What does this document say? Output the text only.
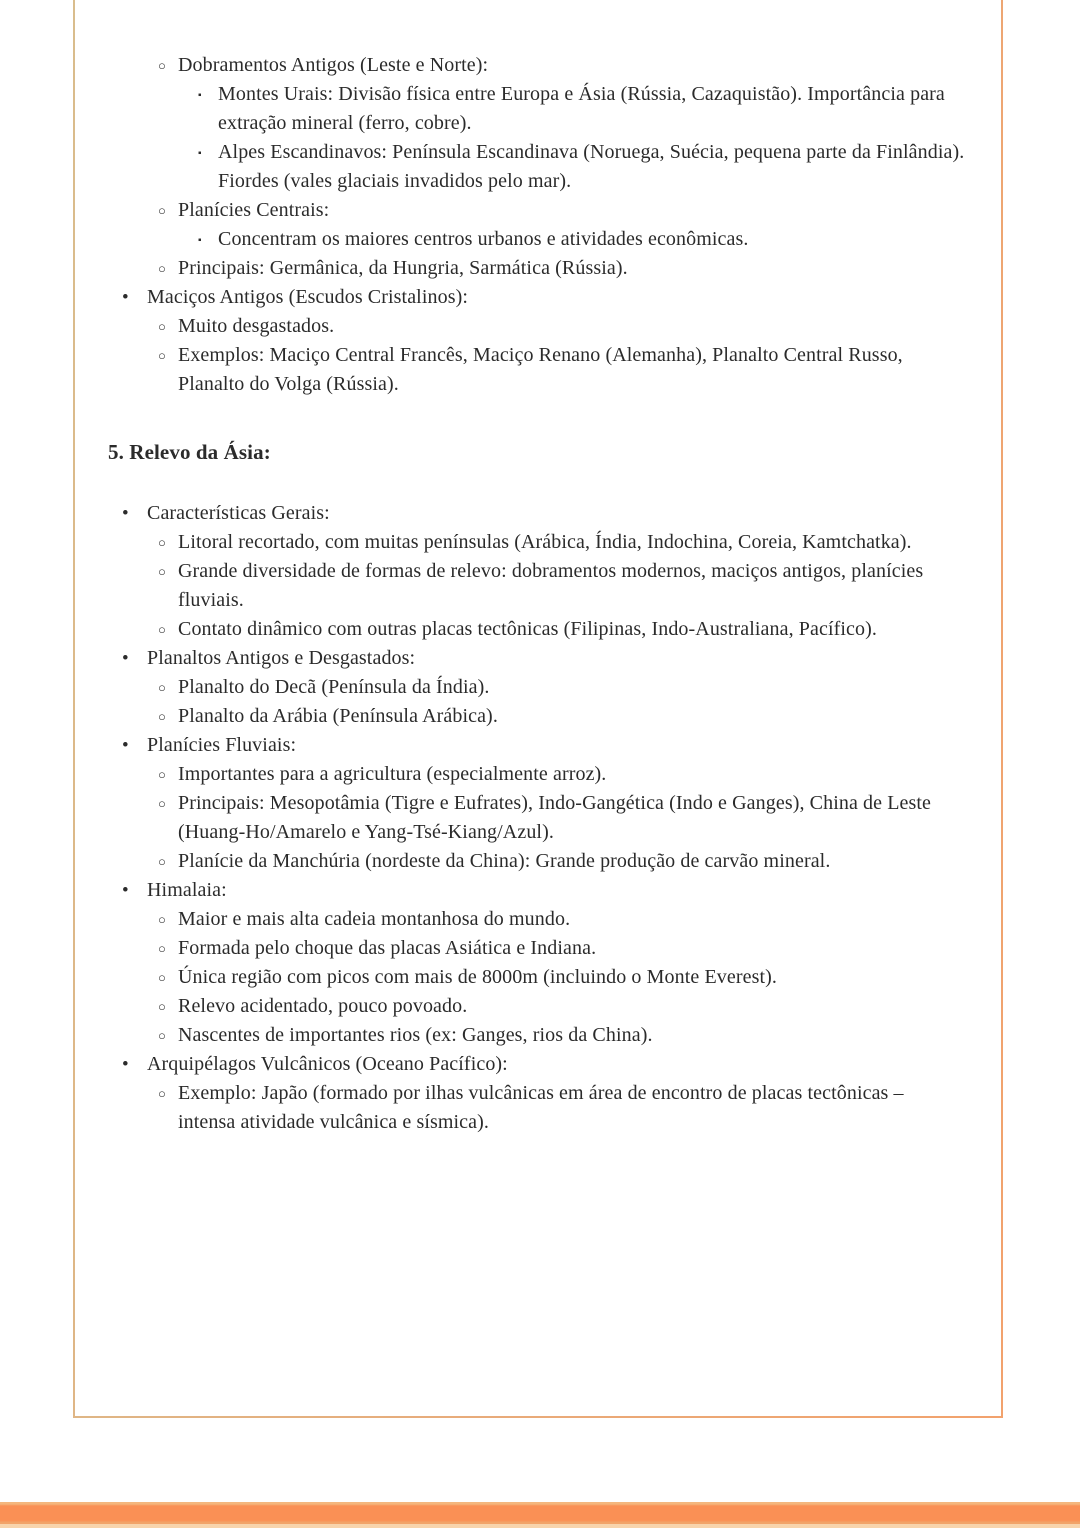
○ Dobramentos Antigos (Leste e Norte):
▪ Montes Urais: Divisão física entre Europa e Ásia (Rússia, Cazaquistão). Importância para extração mineral (ferro, cobre).
▪ Alpes Escandinavos: Península Escandinava (Noruega, Suécia, pequena parte da Finlândia). Fiordes (vales glaciais invadidos pelo mar).
○ Planícies Centrais:
▪ Concentram os maiores centros urbanos e atividades econômicas.
○ Principais: Germânica, da Hungria, Sarmática (Rússia).
• Maciços Antigos (Escudos Cristalinos):
○ Muito desgastados.
○ Exemplos: Maciço Central Francês, Maciço Renano (Alemanha), Planalto Central Russo, Planalto do Volga (Rússia).
5. Relevo da Ásia:
• Características Gerais:
○ Litoral recortado, com muitas penínsulas (Arábica, Índia, Indochina, Coreia, Kamtchatka).
○ Grande diversidade de formas de relevo: dobramentos modernos, maciços antigos, planícies fluviais.
○ Contato dinâmico com outras placas tectônicas (Filipinas, Indo-Australiana, Pacífico).
• Planaltos Antigos e Desgastados:
○ Planalto do Decã (Península da Índia).
○ Planalto da Arábia (Península Arábica).
• Planícies Fluviais:
○ Importantes para a agricultura (especialmente arroz).
○ Principais: Mesopotâmia (Tigre e Eufrates), Indo-Gangética (Indo e Ganges), China de Leste (Huang-Ho/Amarelo e Yang-Tsé-Kiang/Azul).
○ Planície da Manchúria (nordeste da China): Grande produção de carvão mineral.
• Himalaia:
○ Maior e mais alta cadeia montanhosa do mundo.
○ Formada pelo choque das placas Asiática e Indiana.
○ Única região com picos com mais de 8000m (incluindo o Monte Everest).
○ Relevo acidentado, pouco povoado.
○ Nascentes de importantes rios (ex: Ganges, rios da China).
• Arquipélagos Vulcânicos (Oceano Pacífico):
○ Exemplo: Japão (formado por ilhas vulcânicas em área de encontro de placas tectônicas – intensa atividade vulcânica e sísmica).
